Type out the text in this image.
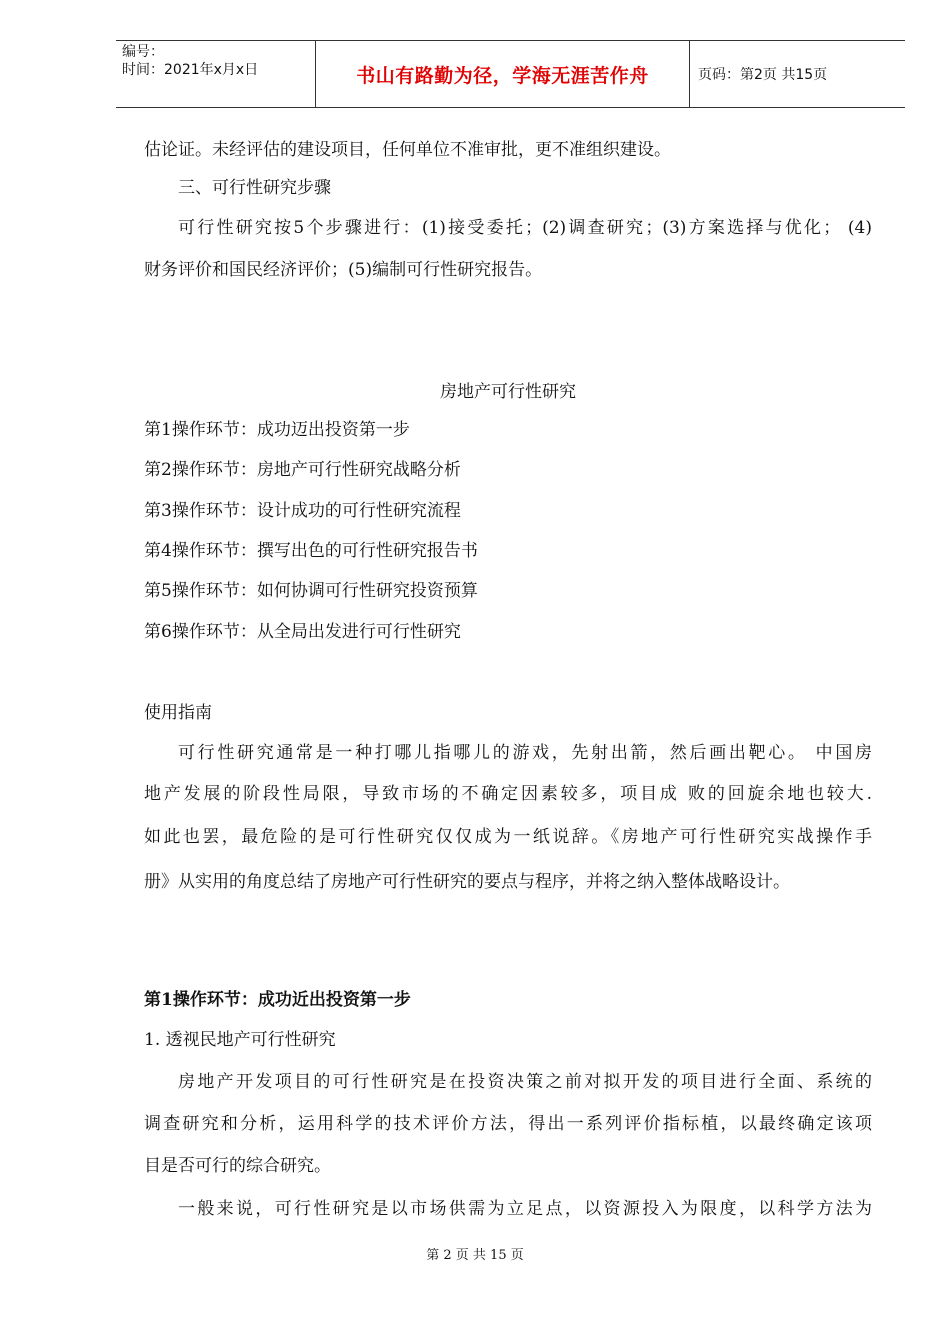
编号：
时间：2021年x月x日	书山有路勤为径，学海无涯苦作舟	页码：第2页 共15页

估论证。未经评估的建设项目，任何单位不准审批，更不准组织建设。

三、可行性研究步骤

可行性研究按5个步骤进行：(1)接受委托；(2)调查研究；(3)方案选择与优化； (4)

财务评价和国民经济评价；(5)编制可行性研究报告。

房地产可行性研究

第1操作环节：成功迈出投资第一步

第2操作环节：房地产可行性研究战略分析

第3操作环节：设计成功的可行性研究流程

第4操作环节：撰写出色的可行性研究报告书

第5操作环节：如何协调可行性研究投资预算

第6操作环节：从全局出发进行可行性研究

使用指南

可行性研究通常是一种打哪儿指哪儿的游戏，先射出箭，然后画出靶心。 中国房

地产发展的阶段性局限，导致市场的不确定因素较多，项目成 败的回旋余地也较大.

如此也罢，最危险的是可行性研究仅仅成为一纸说辞。《房地产可行性研究实战操作手

册》从实用的角度总结了房地产可行性研究的要点与程序，并将之纳入整体战略设计。

第1操作环节：成功近出投资第一步

1. 透视民地产可行性研究

房地产开发项目的可行性研究是在投资决策之前对拟开发的项目进行全面、系统的

调查研究和分析，运用科学的技术评价方法，得出一系列评价指标植，以最终确定该项

目是否可行的综合研究。

一般来说，可行性研究是以市场供需为立足点，以资源投入为限度，以科学方法为

第 2 页 共 15 页
